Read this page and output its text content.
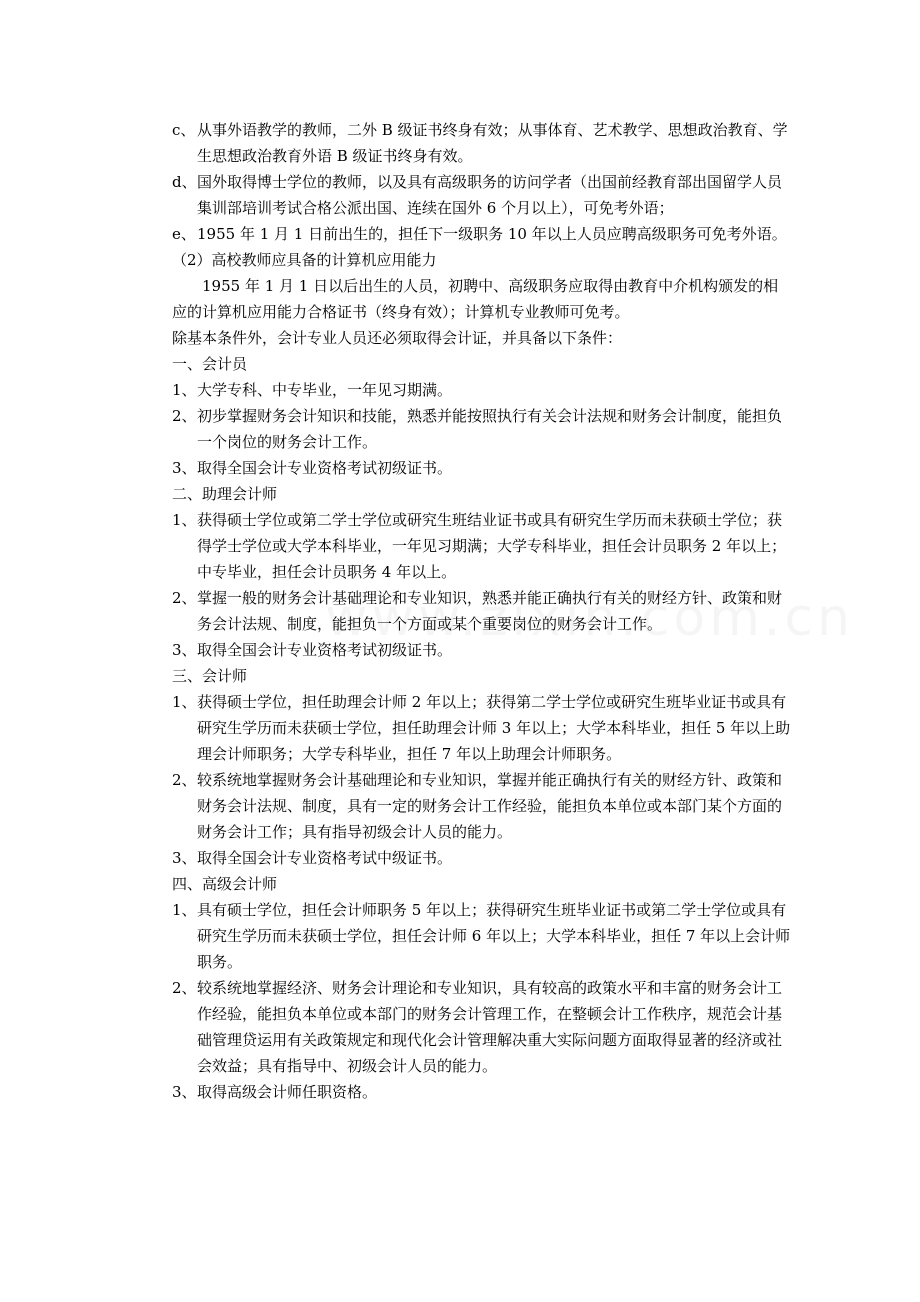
c、 从事外语教学的教师，二外 B 级证书终身有效；从事体育、艺术教学、思想政治教育、学生思想政治教育外语 B 级证书终身有效。
d、国外取得博士学位的教师，以及具有高级职务的访问学者（出国前经教育部出国留学人员集训部培训考试合格公派出国、连续在国外 6 个月以上），可免考外语；
e、1955 年 1 月 1 日前出生的，担任下一级职务 10 年以上人员应聘高级职务可免考外语。
（2）高校教师应具备的计算机应用能力
1955 年 1 月 1 日以后出生的人员，初聘中、高级职务应取得由教育中介机构颁发的相应的计算机应用能力合格证书（终身有效）；计算机专业教师可免考。
除基本条件外，会计专业人员还必须取得会计证，并具备以下条件：
一、会计员
1、大学专科、中专毕业，一年见习期满。
2、初步掌握财务会计知识和技能，熟悉并能按照执行有关会计法规和财务会计制度，能担负一个岗位的财务会计工作。
3、取得全国会计专业资格考试初级证书。
二、助理会计师
1、获得硕士学位或第二学士学位或研究生班结业证书或具有研究生学历而未获硕士学位；获得学士学位或大学本科毕业，一年见习期满；大学专科毕业，担任会计员职务 2 年以上；中专毕业，担任会计员职务 4 年以上。
2、掌握一般的财务会计基础理论和专业知识，熟悉并能正确执行有关的财经方针、政策和财务会计法规、制度，能担负一个方面或某个重要岗位的财务会计工作。
3、取得全国会计专业资格考试初级证书。
三、会计师
1、获得硕士学位，担任助理会计师 2 年以上；获得第二学士学位或研究生班毕业证书或具有研究生学历而未获硕士学位，担任助理会计师 3 年以上；大学本科毕业，担任 5 年以上助理会计师职务；大学专科毕业，担任 7 年以上助理会计师职务。
2、较系统地掌握财务会计基础理论和专业知识，掌握并能正确执行有关的财经方针、政策和财务会计法规、制度，具有一定的财务会计工作经验，能担负本单位或本部门某个方面的财务会计工作；具有指导初级会计人员的能力。
3、取得全国会计专业资格考试中级证书。
四、高级会计师
1、具有硕士学位，担任会计师职务 5 年以上；获得研究生班毕业证书或第二学士学位或具有研究生学历而未获硕士学位，担任会计师 6 年以上；大学本科毕业，担任 7 年以上会计师职务。
2、较系统地掌握经济、财务会计理论和专业知识，具有较高的政策水平和丰富的财务会计工作经验，能担负本单位或本部门的财务会计管理工作，在整顿会计工作秩序，规范会计基础管理贷运用有关政策规定和现代化会计管理解决重大实际问题方面取得显著的经济或社会效益；具有指导中、初级会计人员的能力。
3、取得高级会计师任职资格。
